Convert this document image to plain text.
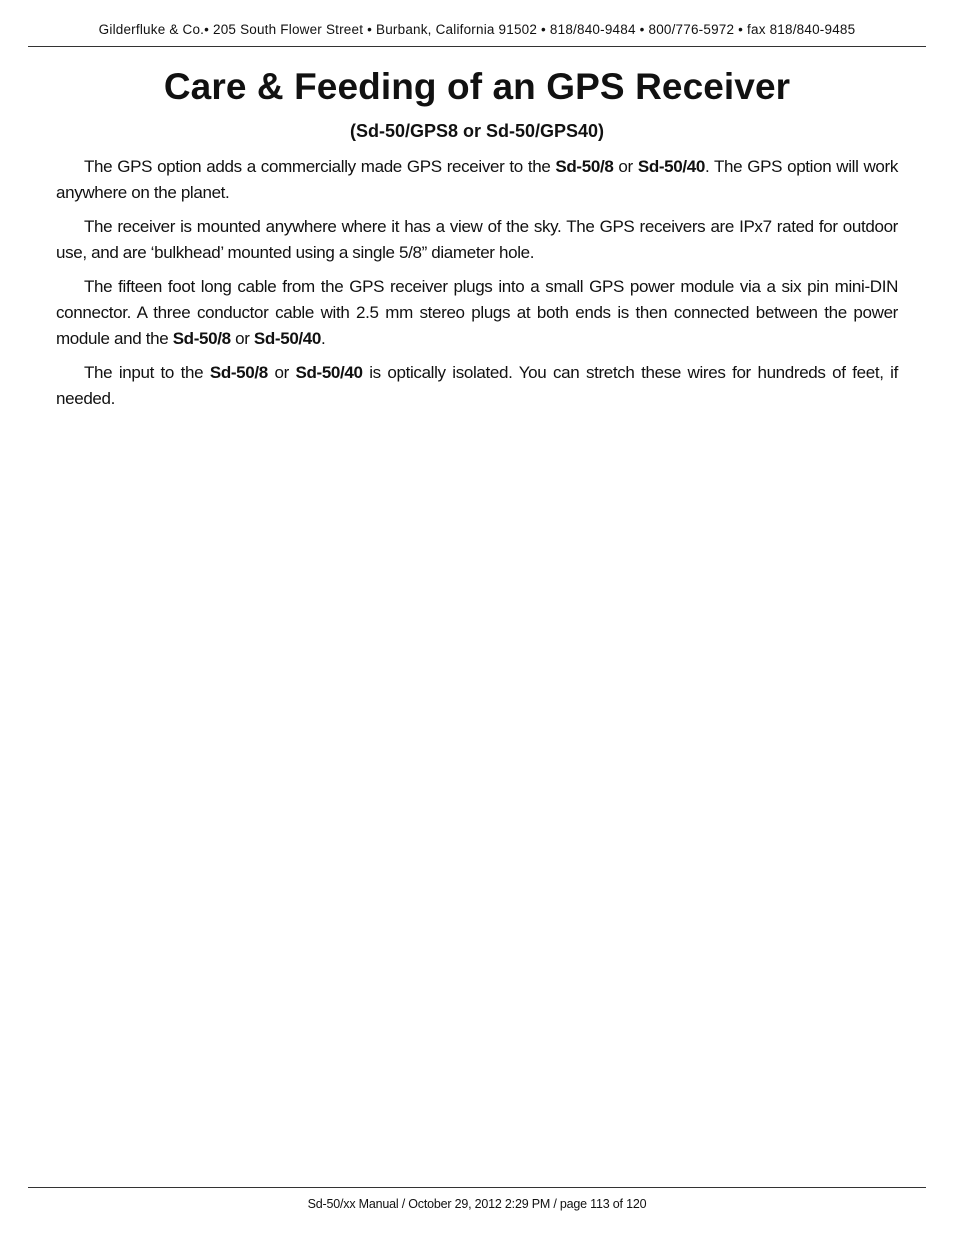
Gilderfluke & Co.• 205 South Flower Street • Burbank, California 91502 • 818/840-9484 • 800/776-5972 • fax 818/840-9485
Care & Feeding of an GPS Receiver
(Sd-50/GPS8 or Sd-50/GPS40)

The GPS option adds a commercially made GPS receiver to the Sd-50/8 or Sd-50/40. The GPS option will work anywhere on the planet.

The receiver is mounted anywhere where it has a view of the sky. The GPS receivers are IPx7 rated for outdoor use, and are ‘bulkhead’ mounted using a single 5/8” diameter hole.

The fifteen foot long cable from the GPS receiver plugs into a small GPS power module via a six pin mini-DIN connector. A three conductor cable with 2.5 mm stereo plugs at both ends is then connected between the power module and the Sd-50/8 or Sd-50/40.

The input to the Sd-50/8 or Sd-50/40 is optically isolated. You can stretch these wires for hundreds of feet, if needed.

Sd-50/xx Manual / October 29, 2012 2:29 PM / page 113 of 120
